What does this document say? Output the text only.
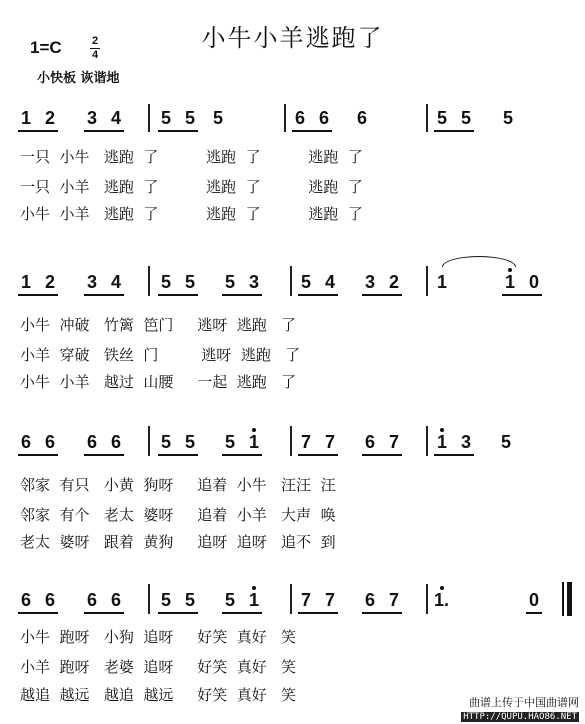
小牛小羊逃跑了
1=C	2
4
小快板 诙谐地
1 2 3 4 5 5 5	6 6 6	5 5 5
一只  小牛   逃跑  了          逃跑  了          逃跑  了
一只  小羊   逃跑  了          逃跑  了          逃跑  了
小牛  小羊   逃跑  了          逃跑  了          逃跑  了
1 2 3 4 5 5 5 3 5 4 3 2 1	1 0
小牛  冲破   竹篱  笆门     逃呀  逃跑   了
小羊  穿破   铁丝  门         逃呀  逃跑   了
小牛  小羊   越过  山腰     一起  逃跑   了
6 6 6 6 5 5 5 1 7 7 6 7 1 3 5
邻家  有只   小黄  狗呀     追着  小牛   汪汪  汪
邻家  有个   老太  婆呀     追着  小羊   大声  唤
老太  婆呀   跟着  黄狗     追呀  追呀   追不  到
6 6 6 6 5 5 5 1 7 7 6 7 1.	0
小牛  跑呀   小狗  追呀     好笑  真好   笑
小羊  跑呀   老婆  追呀     好笑  真好   笑
越追  越远   越追  越远     好笑  真好   笑	曲谱上传于中国曲谱网
HTTP://QUPU.HAO86.NET
